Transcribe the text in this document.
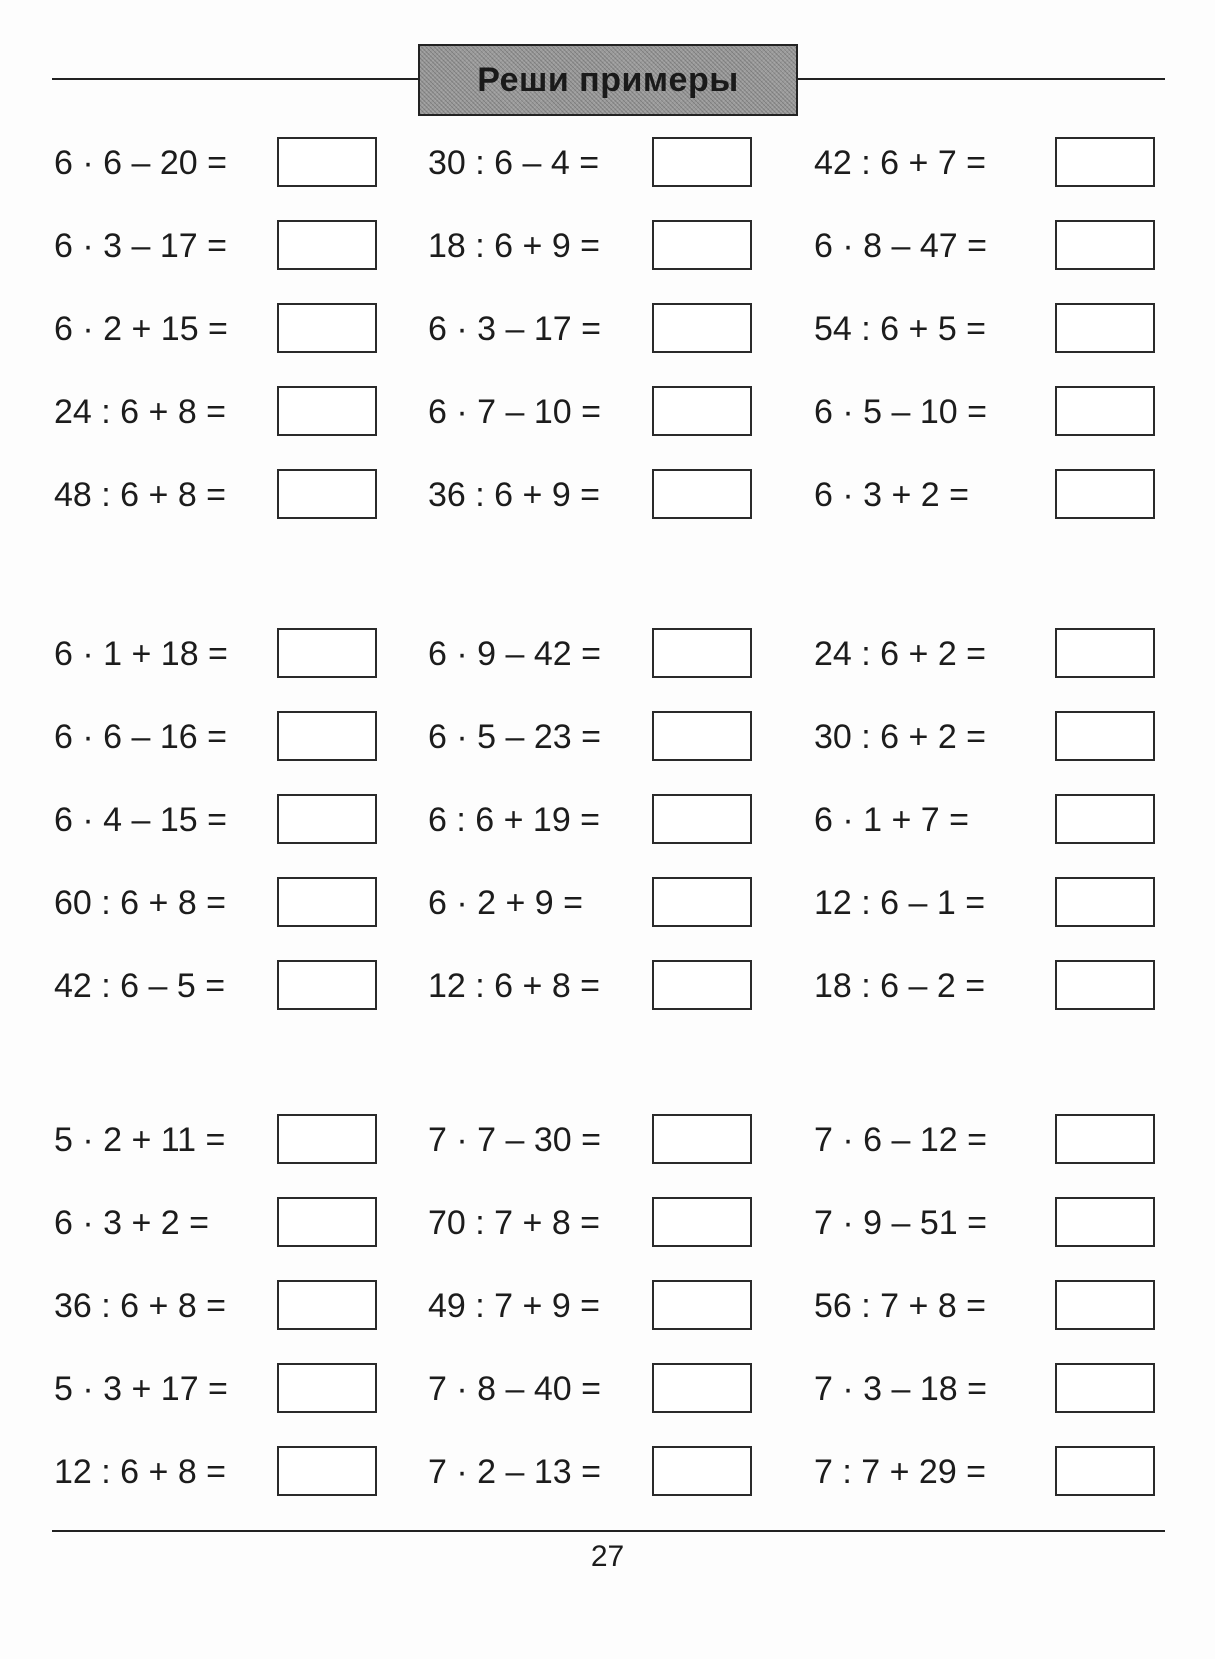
Реши примеры
6 · 6 – 20 =	30 : 6 – 4 =	42 : 6 + 7 =
6 · 3 – 17 =	18 : 6 + 9 =	6 · 8 – 47 =
6 · 2 + 15 =	6 · 3 – 17 =	54 : 6 + 5 =
24 : 6 + 8 =	6 · 7 – 10 =	6 · 5 – 10 =
48 : 6 + 8 =	36 : 6 + 9 =	6 · 3 + 2 =
6 · 1 + 18 =	6 · 9 – 42 =	24 : 6 + 2 =
6 · 6 – 16 =	6 · 5 – 23 =	30 : 6 + 2 =
6 · 4 – 15 =	6 : 6 + 19 =	6 · 1 + 7 =
60 : 6 + 8 =	6 · 2 + 9 =	12 : 6 – 1 =
42 : 6 – 5 =	12 : 6 + 8 =	18 : 6 – 2 =
5 · 2 + 11 =	7 · 7 – 30 =	7 · 6 – 12 =
6 · 3 + 2 =	70 : 7 + 8 =	7 · 9 – 51 =
36 : 6 + 8 =	49 : 7 + 9 =	56 : 7 + 8 =
5 · 3 + 17 =	7 · 8 – 40 =	7 · 3 – 18 =
12 : 6 + 8 =	7 · 2 – 13 =	7 : 7 + 29 =
27
